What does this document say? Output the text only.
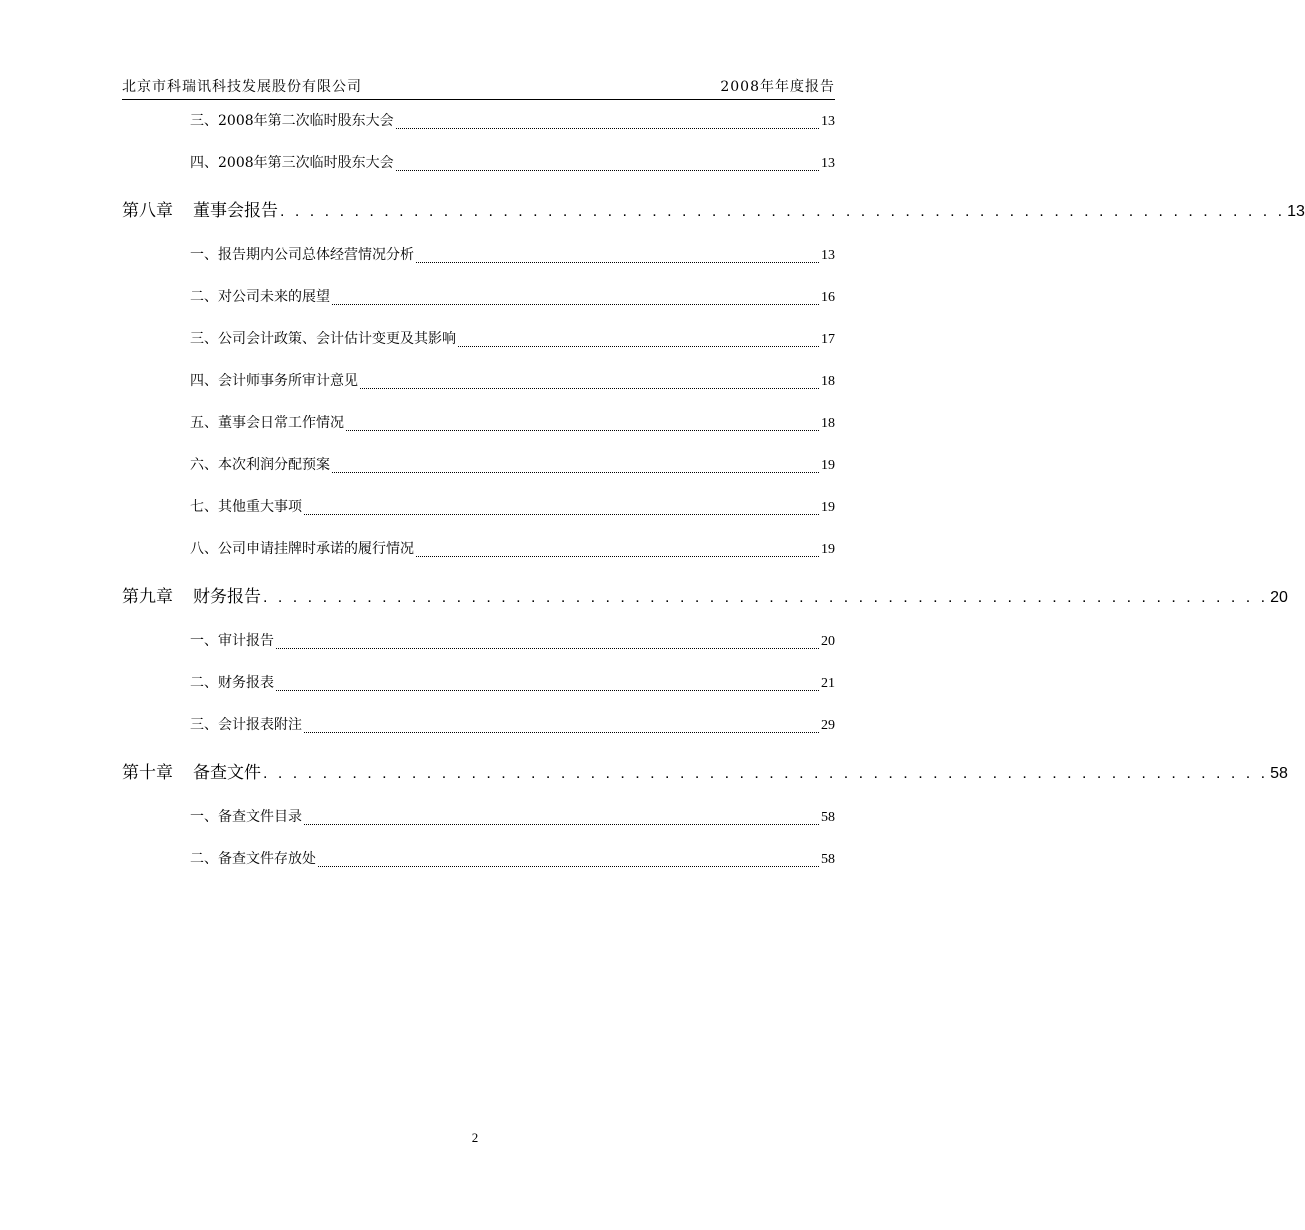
北京市科瑞讯科技发展股份有限公司	2008年年度报告
三、2008年第二次临时股东大会	13
四、2008年第三次临时股东大会	13
第八章 董事会报告 . . . . . . . . . . . . . . . . . . . . . . . . . . . . . . . . . . . . . . . . . . . . . . . . . . . . . . . . . . . . . . . . . . . . 13
一、报告期内公司总体经营情况分析	13
二、对公司未来的展望	16
三、公司会计政策、会计估计变更及其影响	17
四、会计师事务所审计意见	18
五、董事会日常工作情况	18
六、本次利润分配预案	19
七、其他重大事项	19
八、公司申请挂牌时承诺的履行情况	19
第九章 财务报告 . . . . . . . . . . . . . . . . . . . . . . . . . . . . . . . . . . . . . . . . . . . . . . . . . . . . . . . . . . . . . . . . . . . . 20
一、审计报告	20
二、财务报表	21
三、会计报表附注	29
第十章 备查文件 . . . . . . . . . . . . . . . . . . . . . . . . . . . . . . . . . . . . . . . . . . . . . . . . . . . . . . . . . . . . . . . . . . . . 58
一、备查文件目录	58
二、备查文件存放处	58
2
